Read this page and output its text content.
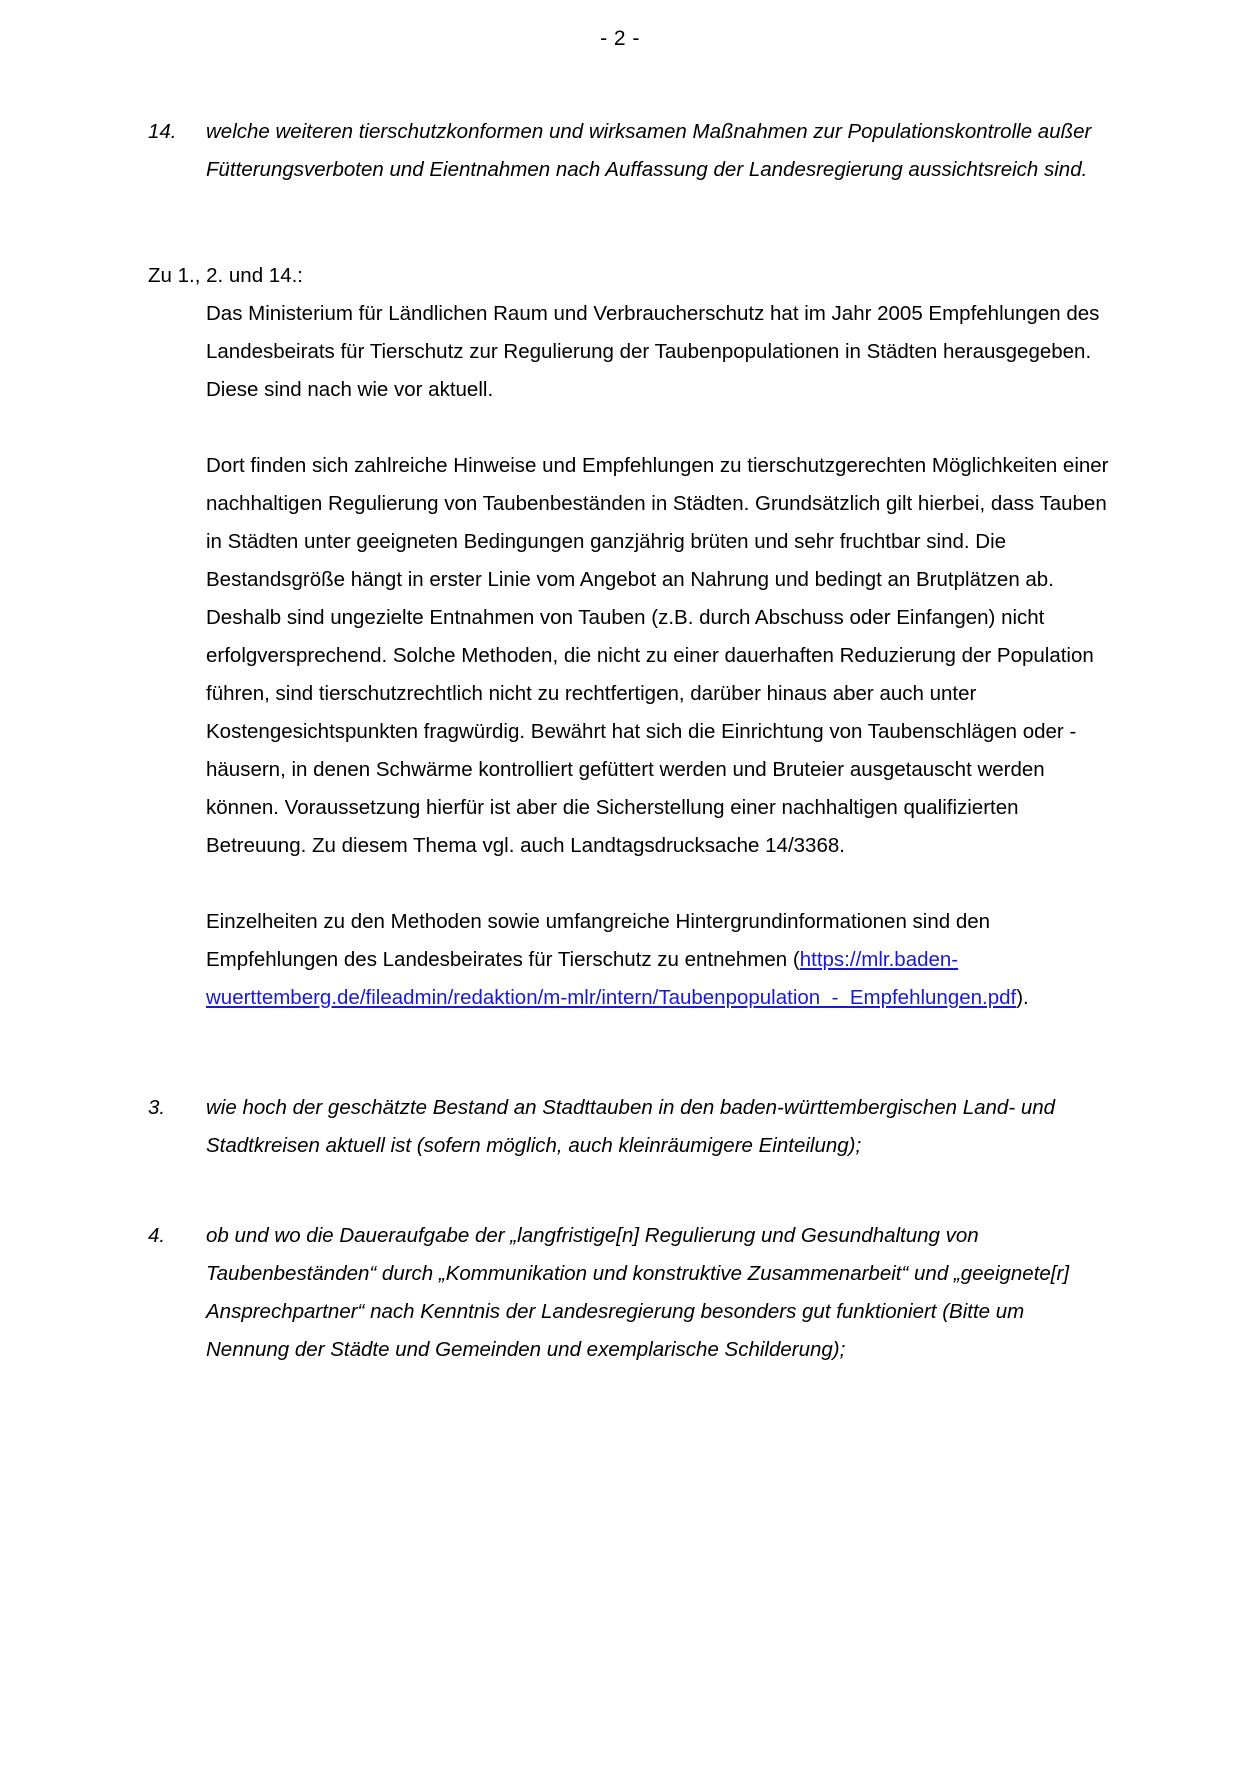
- 2 -
14.	welche weiteren tierschutzkonformen und wirksamen Maßnahmen zur Populationskontrolle außer Fütterungsverboten und Eientnahmen nach Auffassung der Landesregierung aussichtsreich sind.
Zu 1., 2. und 14.:
Das Ministerium für Ländlichen Raum und Verbraucherschutz hat im Jahr 2005 Empfehlungen des Landesbeirats für Tierschutz zur Regulierung der Taubenpopulationen in Städten herausgegeben. Diese sind nach wie vor aktuell.
Dort finden sich zahlreiche Hinweise und Empfehlungen zu tierschutzgerechten Möglichkeiten einer nachhaltigen Regulierung von Taubenbeständen in Städten. Grundsätzlich gilt hierbei, dass Tauben in Städten unter geeigneten Bedingungen ganzjährig brüten und sehr fruchtbar sind. Die Bestandsgröße hängt in erster Linie vom Angebot an Nahrung und bedingt an Brutplätzen ab. Deshalb sind ungezielte Entnahmen von Tauben (z.B. durch Abschuss oder Einfangen) nicht erfolgversprechend. Solche Methoden, die nicht zu einer dauerhaften Reduzierung der Population führen, sind tierschutzrechtlich nicht zu rechtfertigen, darüber hinaus aber auch unter Kostengesichtspunkten fragwürdig. Bewährt hat sich die Einrichtung von Taubenschlägen oder -häusern, in denen Schwärme kontrolliert gefüttert werden und Bruteier ausgetauscht werden können. Voraussetzung hierfür ist aber die Sicherstellung einer nachhaltigen qualifizierten Betreuung. Zu diesem Thema vgl. auch Landtagsdrucksache 14/3368.
Einzelheiten zu den Methoden sowie umfangreiche Hintergrundinformationen sind den Empfehlungen des Landesbeirates für Tierschutz zu entnehmen (https://mlr.baden-wuerttemberg.de/fileadmin/redaktion/m-mlr/intern/Taubenpopulation_-_Empfehlungen.pdf).
3.	wie hoch der geschätzte Bestand an Stadttauben in den baden-württembergischen Land- und Stadtkreisen aktuell ist (sofern möglich, auch kleinräumigere Einteilung);
4.	ob und wo die Daueraufgabe der „langfristige[n] Regulierung und Gesundhaltung von Taubenbeständen“ durch „Kommunikation und konstruktive Zusammenarbeit“ und „geeignete[r] Ansprechpartner“ nach Kenntnis der Landesregierung besonders gut funktioniert (Bitte um Nennung der Städte und Gemeinden und exemplarische Schilderung);
